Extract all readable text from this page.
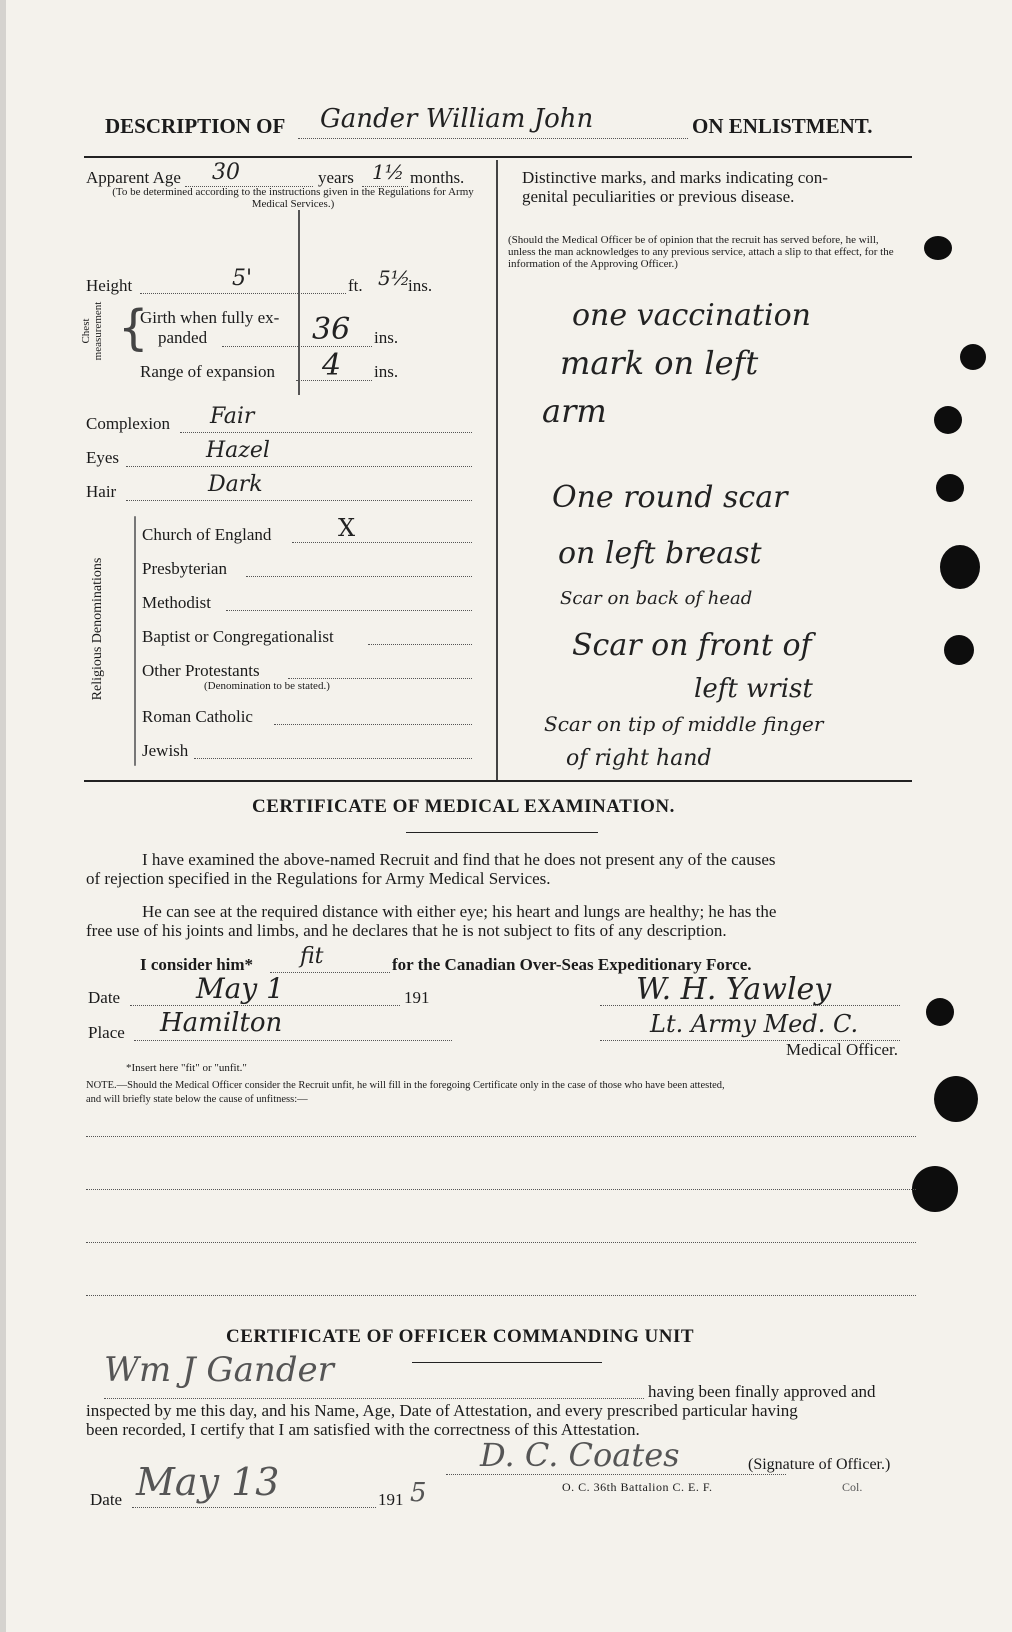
DESCRIPTION OF Gander William John	ON ENLISTMENT.
Apparent Age 30	years 1½ months.
(To be determined according to the instructions given in the Regulations for Army Medical Services.)
Height	5'	ft. 5½
ins.
Chest measurement {
Girth when fully ex-
panded	36 ins.
Range of expansion 4 ins.
Complexion Fair
Eyes	Hazel
Hair	Dark
Religious Denominations
Church of England	X
Presbyterian
Methodist
Baptist or Congregationalist
Other Protestants
(Denomination to be stated.)
Roman Catholic
Jewish
Distinctive marks, and marks indicating con-
genital peculiarities or previous disease.
(Should the Medical Officer be of opinion that the recruit has served before, he will, unless the man acknowledges to any previous service, attach a slip to that effect, for the information of the Approving Officer.)
one vaccination
mark on left
arm
One round scar
on left breast
Scar on back of head
Scar on front of
left wrist
Scar on tip of middle finger
of right hand
CERTIFICATE OF MEDICAL EXAMINATION.
I have examined the above-named Recruit and find that he does not present any of the causes
of rejection specified in the Regulations for Army Medical Services.
He can see at the required distance with either eye; his heart and lungs are healthy; he has the
free use of his joints and limbs, and he declares that he is not subject to fits of any description.
I consider him* fit	for the Canadian Over-Seas Expeditionary Force.
Date	May 1	191
Place Hamilton
W. H. Yawley
Lt. Army Med. C.
Medical Officer.
*Insert here "fit" or "unfit."
NOTE.—Should the Medical Officer consider the Recruit unfit, he will fill in the foregoing Certificate only in the case of those who have been attested,
and will briefly state below the cause of unfitness:—
CERTIFICATE OF OFFICER COMMANDING UNIT
Wm J Gander
having been finally approved and
inspected by me this day, and his Name, Age, Date of Attestation, and every prescribed particular having
been recorded, I certify that I am satisfied with the correctness of this Attestation.
D. C. Coates	(Signature of Officer.)
O. C. 36th Battalion C. E. F.	Col.
Date May 13	191 5
